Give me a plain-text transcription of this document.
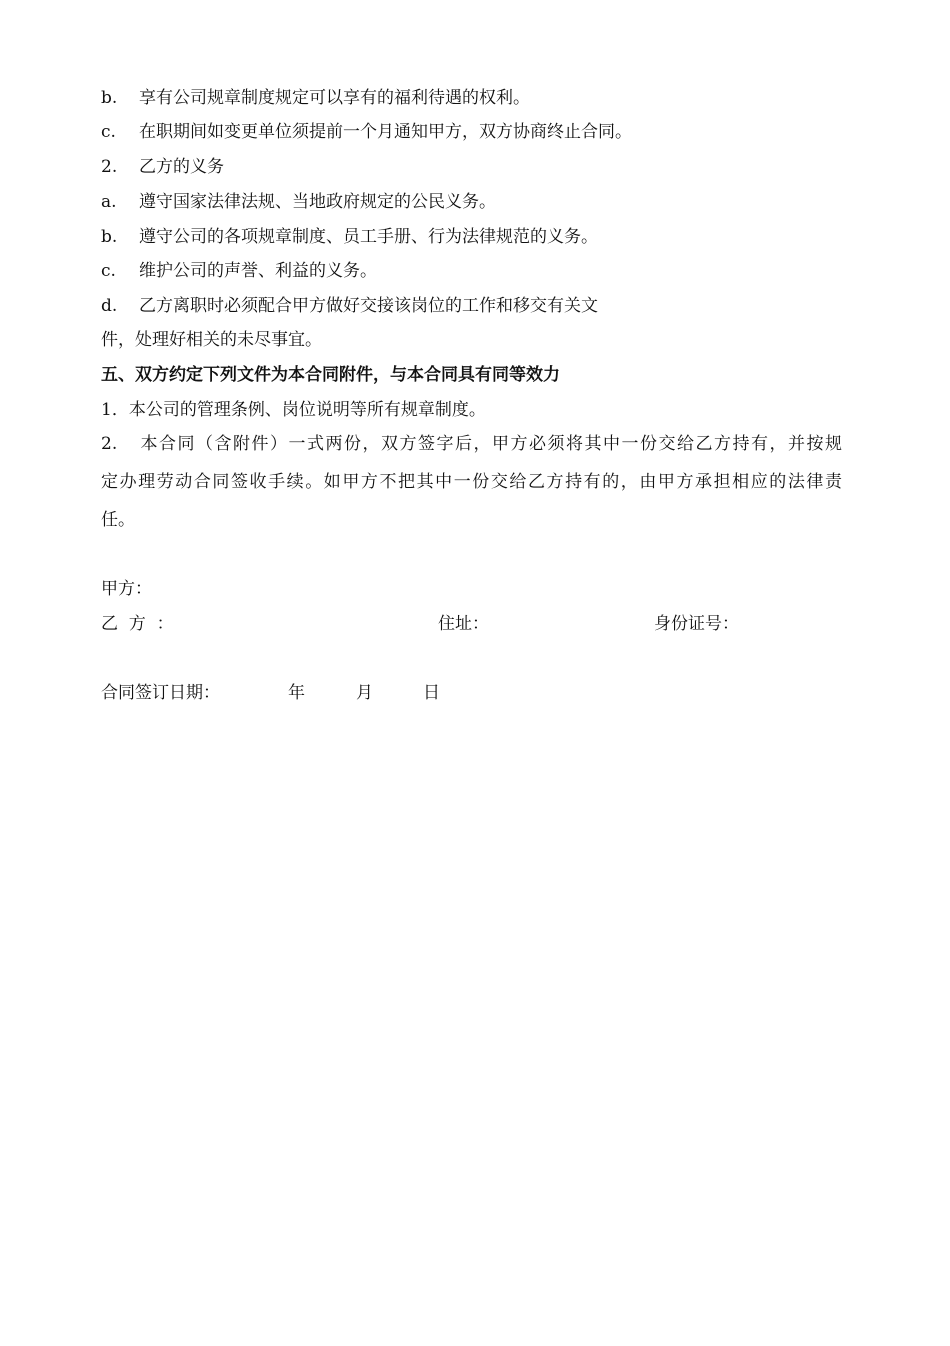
b. 享有公司规章制度规定可以享有的福利待遇的权利。
c. 在职期间如变更单位须提前一个月通知甲方，双方协商终止合同。
2. 乙方的义务
a. 遵守国家法律法规、当地政府规定的公民义务。
b. 遵守公司的各项规章制度、员工手册、行为法律规范的义务。
c. 维护公司的声誉、利益的义务。
d. 乙方离职时必须配合甲方做好交接该岗位的工作和移交有关文
件，处理好相关的未尽事宜。
五、双方约定下列文件为本合同附件，与本合同具有同等效力
1．本公司的管理条例、岗位说明等所有规章制度。
2. 本合同（含附件）一式两份，双方签字后，甲方必须将其中一份交给乙方持有，并按规
定办理劳动合同签收手续。如甲方不把其中一份交给乙方持有的，由甲方承担相应的法律责
任。
甲方：
乙  方  ：	住址：	身份证号：
合同签订日期：	年	月	日
